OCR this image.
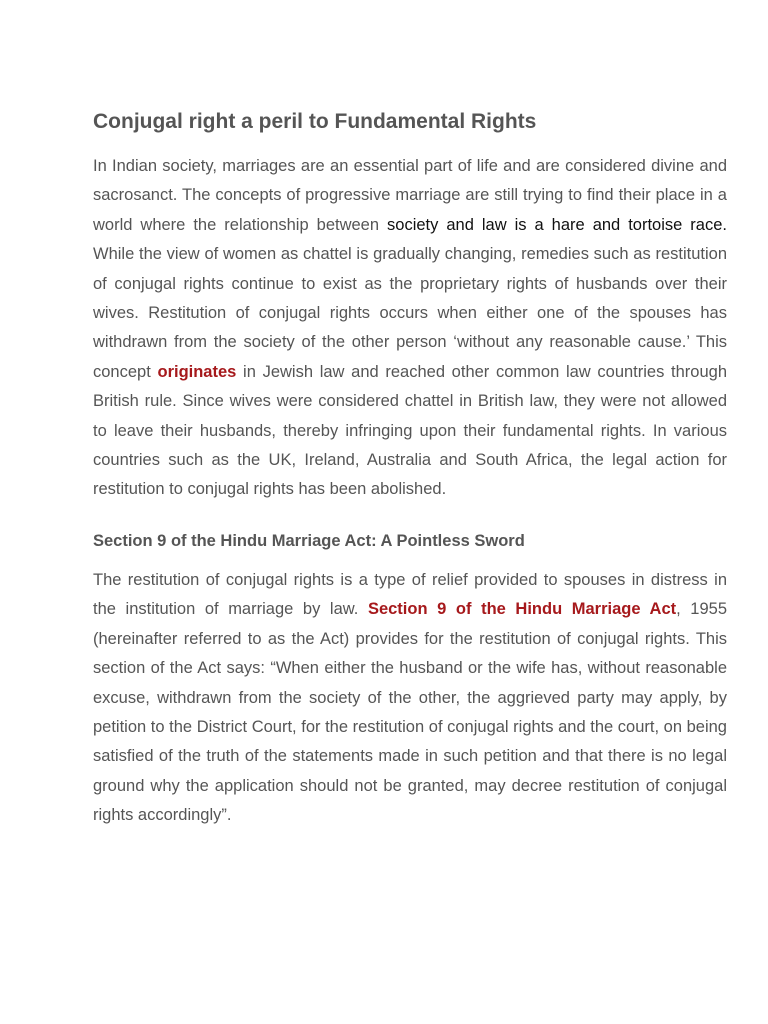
Conjugal right a peril to Fundamental Rights

In Indian society, marriages are an essential part of life and are considered divine and sacrosanct. The concepts of progressive marriage are still trying to find their place in a world where the relationship between society and law is a hare and tortoise race. While the view of women as chattel is gradually changing, remedies such as restitution of conjugal rights continue to exist as the proprietary rights of husbands over their wives. Restitution of conjugal rights occurs when either one of the spouses has withdrawn from the society of the other person ‘without any reasonable cause.’ This concept originates in Jewish law and reached other common law countries through British rule. Since wives were considered chattel in British law, they were not allowed to leave their husbands, thereby infringing upon their fundamental rights. In various countries such as the UK, Ireland, Australia and South Africa, the legal action for restitution to conjugal rights has been abolished.

Section 9 of the Hindu Marriage Act: A Pointless Sword

The restitution of conjugal rights is a type of relief provided to spouses in distress in the institution of marriage by law. Section 9 of the Hindu Marriage Act, 1955 (hereinafter referred to as the Act) provides for the restitution of conjugal rights. This section of the Act says: “When either the husband or the wife has, without reasonable excuse, withdrawn from the society of the other, the aggrieved party may apply, by petition to the District Court, for the restitution of conjugal rights and the court, on being satisfied of the truth of the statements made in such petition and that there is no legal ground why the application should not be granted, may decree restitution of conjugal rights accordingly”.
